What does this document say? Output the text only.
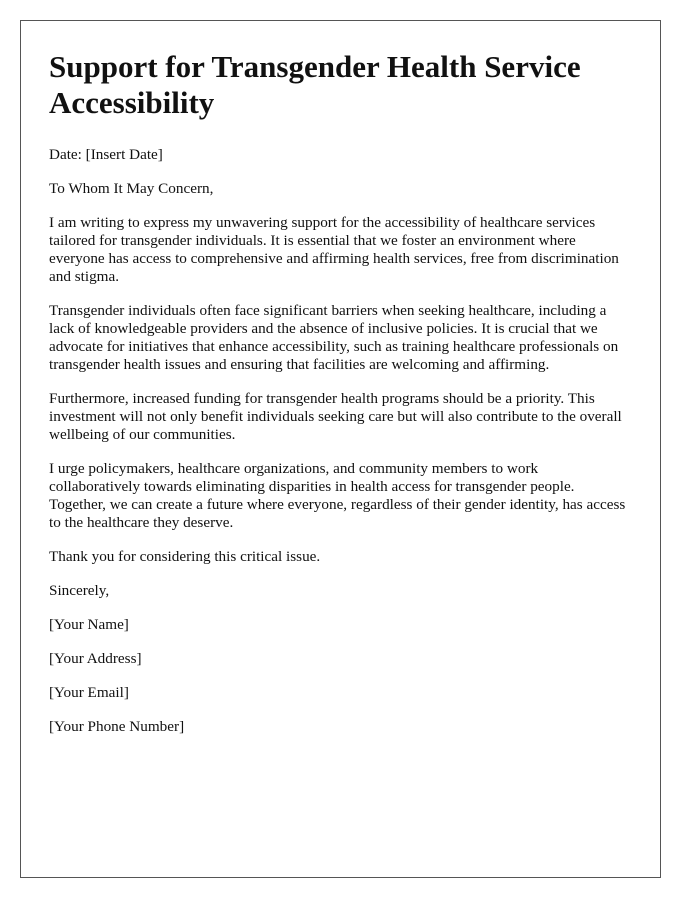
Support for Transgender Health Service Accessibility

Date: [Insert Date]

To Whom It May Concern,

I am writing to express my unwavering support for the accessibility of healthcare services tailored for transgender individuals. It is essential that we foster an environment where everyone has access to comprehensive and affirming health services, free from discrimination and stigma.

Transgender individuals often face significant barriers when seeking healthcare, including a lack of knowledgeable providers and the absence of inclusive policies. It is crucial that we advocate for initiatives that enhance accessibility, such as training healthcare professionals on transgender health issues and ensuring that facilities are welcoming and affirming.

Furthermore, increased funding for transgender health programs should be a priority. This investment will not only benefit individuals seeking care but will also contribute to the overall wellbeing of our communities.

I urge policymakers, healthcare organizations, and community members to work collaboratively towards eliminating disparities in health access for transgender people. Together, we can create a future where everyone, regardless of their gender identity, has access to the healthcare they deserve.

Thank you for considering this critical issue.

Sincerely,

[Your Name]

[Your Address]

[Your Email]

[Your Phone Number]
